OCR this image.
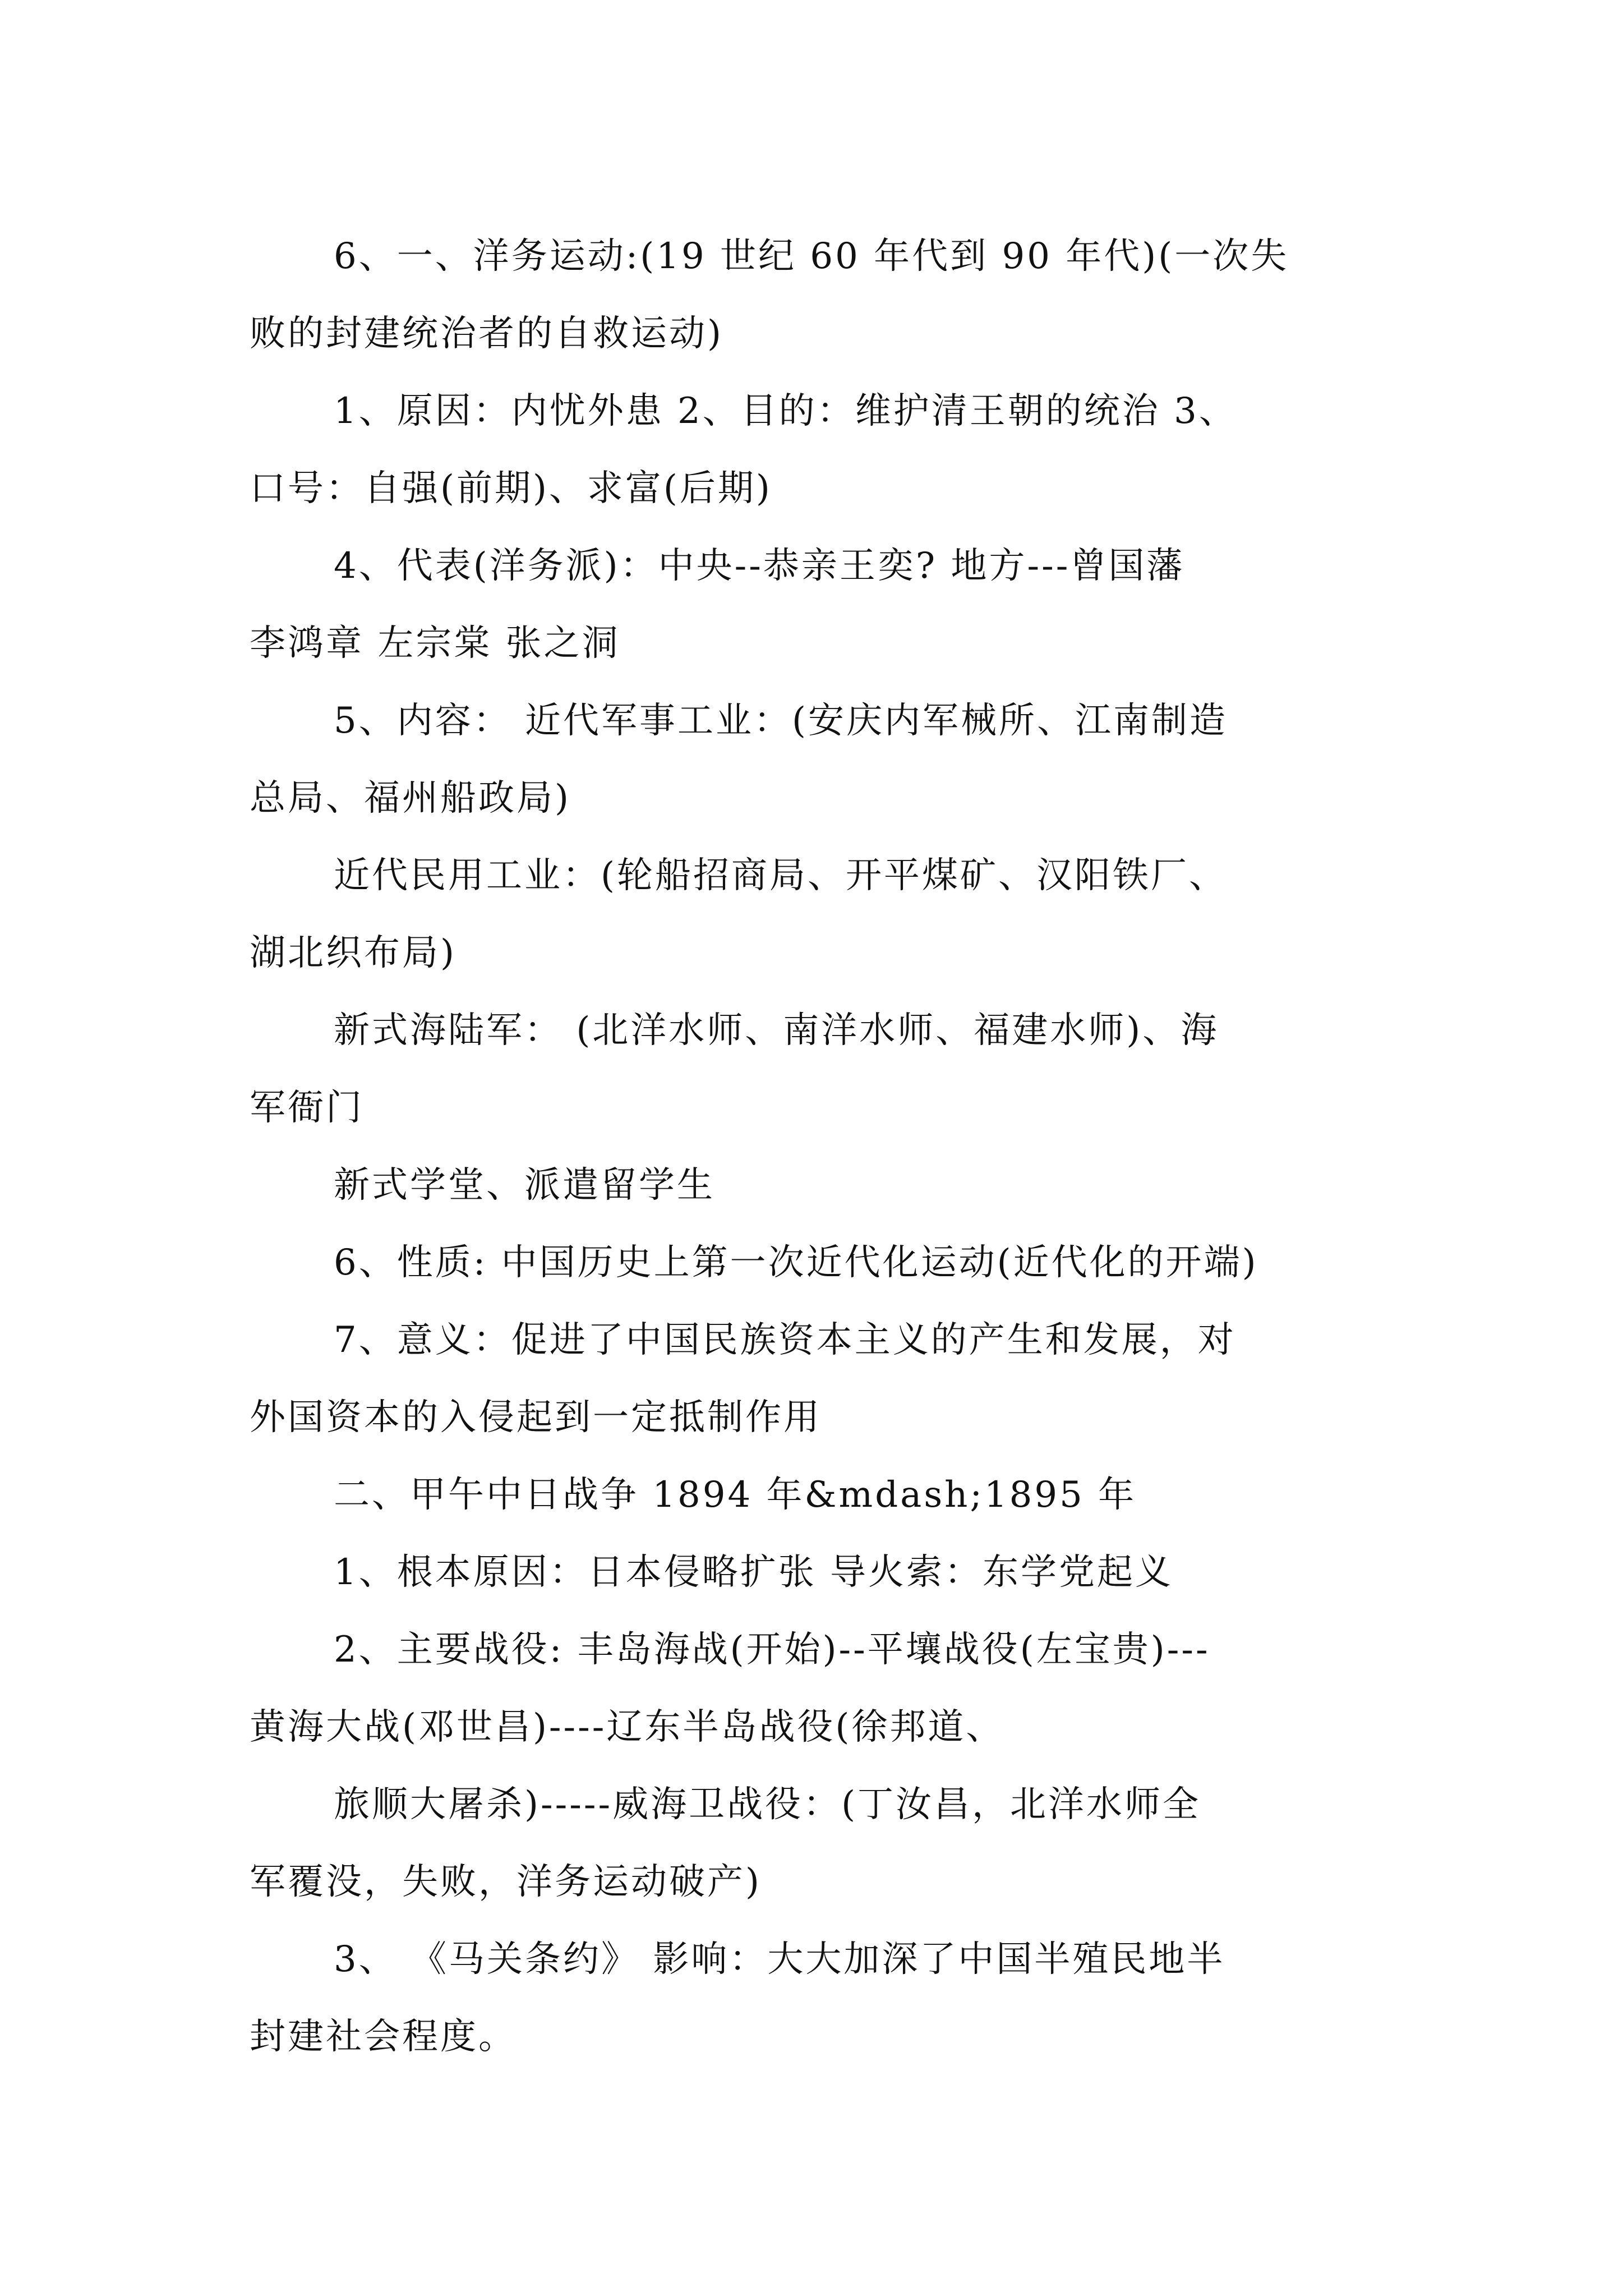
6、一、洋务运动:(19 世纪 60 年代到 90 年代)(一次失
败的封建统治者的自救运动)
1、原因：内忧外患 2、目的：维护清王朝的统治 3、
口号：自强(前期)、求富(后期)
4、代表(洋务派)：中央--恭亲王奕? 地方---曾国藩
李鸿章 左宗棠 张之洞
5、内容： 近代军事工业：(安庆内军械所、江南制造
总局、福州船政局)
近代民用工业：(轮船招商局、开平煤矿、汉阳铁厂、
湖北织布局)
新式海陆军： (北洋水师、南洋水师、福建水师)、海
军衙门
新式学堂、派遣留学生
6、性质: 中国历史上第一次近代化运动(近代化的开端)
7、意义：促进了中国民族资本主义的产生和发展，对
外国资本的入侵起到一定抵制作用
二、甲午中日战争 1894 年&mdash;1895 年
1、根本原因：日本侵略扩张 导火索：东学党起义
2、主要战役: 丰岛海战(开始)--平壤战役(左宝贵)---
黄海大战(邓世昌)----辽东半岛战役(徐邦道、
旅顺大屠杀)-----威海卫战役：(丁汝昌，北洋水师全
军覆没，失败，洋务运动破产)
3、 《马关条约》 影响：大大加深了中国半殖民地半
封建社会程度。
